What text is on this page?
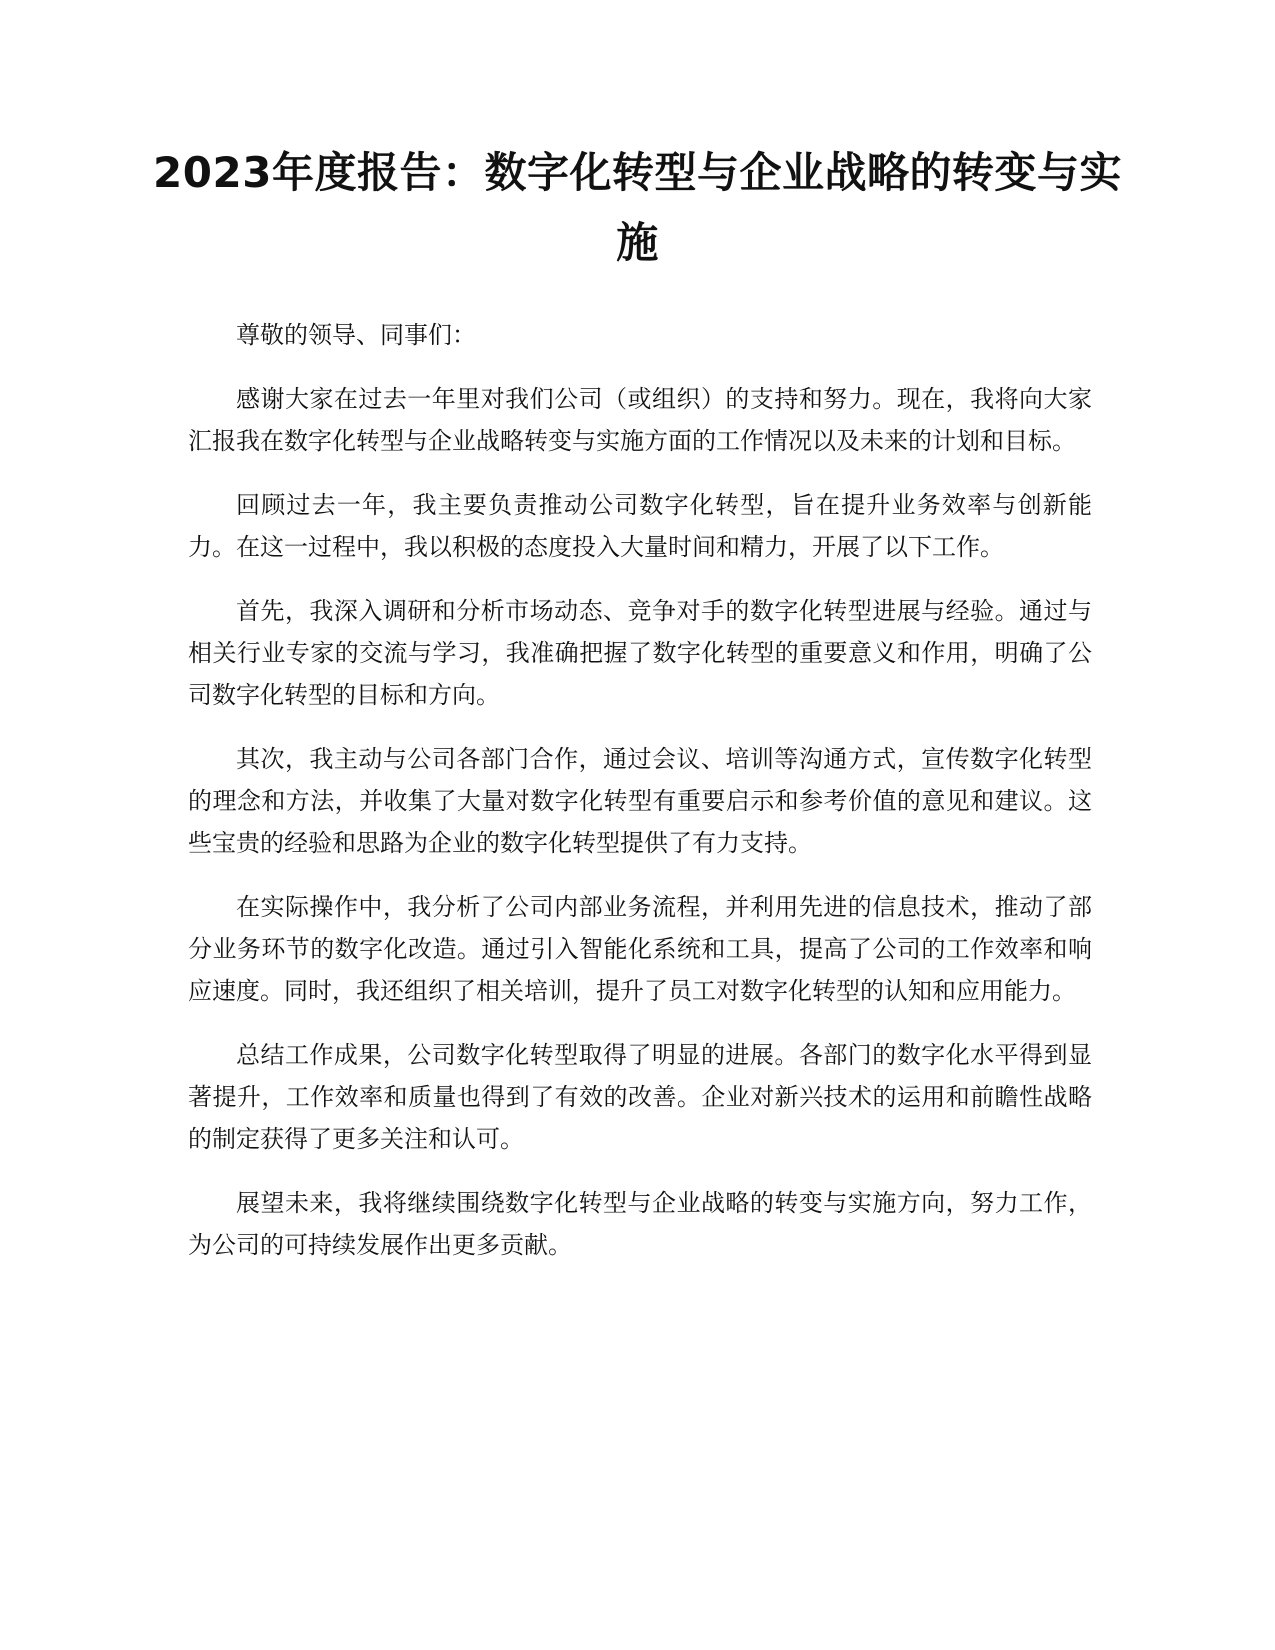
2023年度报告：数字化转型与企业战略的转变与实施

尊敬的领导、同事们：

感谢大家在过去一年里对我们公司（或组织）的支持和努力。现在，我将向大家汇报我在数字化转型与企业战略转变与实施方面的工作情况以及未来的计划和目标。

回顾过去一年，我主要负责推动公司数字化转型，旨在提升业务效率与创新能力。在这一过程中，我以积极的态度投入大量时间和精力，开展了以下工作。

首先，我深入调研和分析市场动态、竞争对手的数字化转型进展与经验。通过与相关行业专家的交流与学习，我准确把握了数字化转型的重要意义和作用，明确了公司数字化转型的目标和方向。

其次，我主动与公司各部门合作，通过会议、培训等沟通方式，宣传数字化转型的理念和方法，并收集了大量对数字化转型有重要启示和参考价值的意见和建议。这些宝贵的经验和思路为企业的数字化转型提供了有力支持。

在实际操作中，我分析了公司内部业务流程，并利用先进的信息技术，推动了部分业务环节的数字化改造。通过引入智能化系统和工具，提高了公司的工作效率和响应速度。同时，我还组织了相关培训，提升了员工对数字化转型的认知和应用能力。

总结工作成果，公司数字化转型取得了明显的进展。各部门的数字化水平得到显著提升，工作效率和质量也得到了有效的改善。企业对新兴技术的运用和前瞻性战略的制定获得了更多关注和认可。

展望未来，我将继续围绕数字化转型与企业战略的转变与实施方向，努力工作，为公司的可持续发展作出更多贡献。
